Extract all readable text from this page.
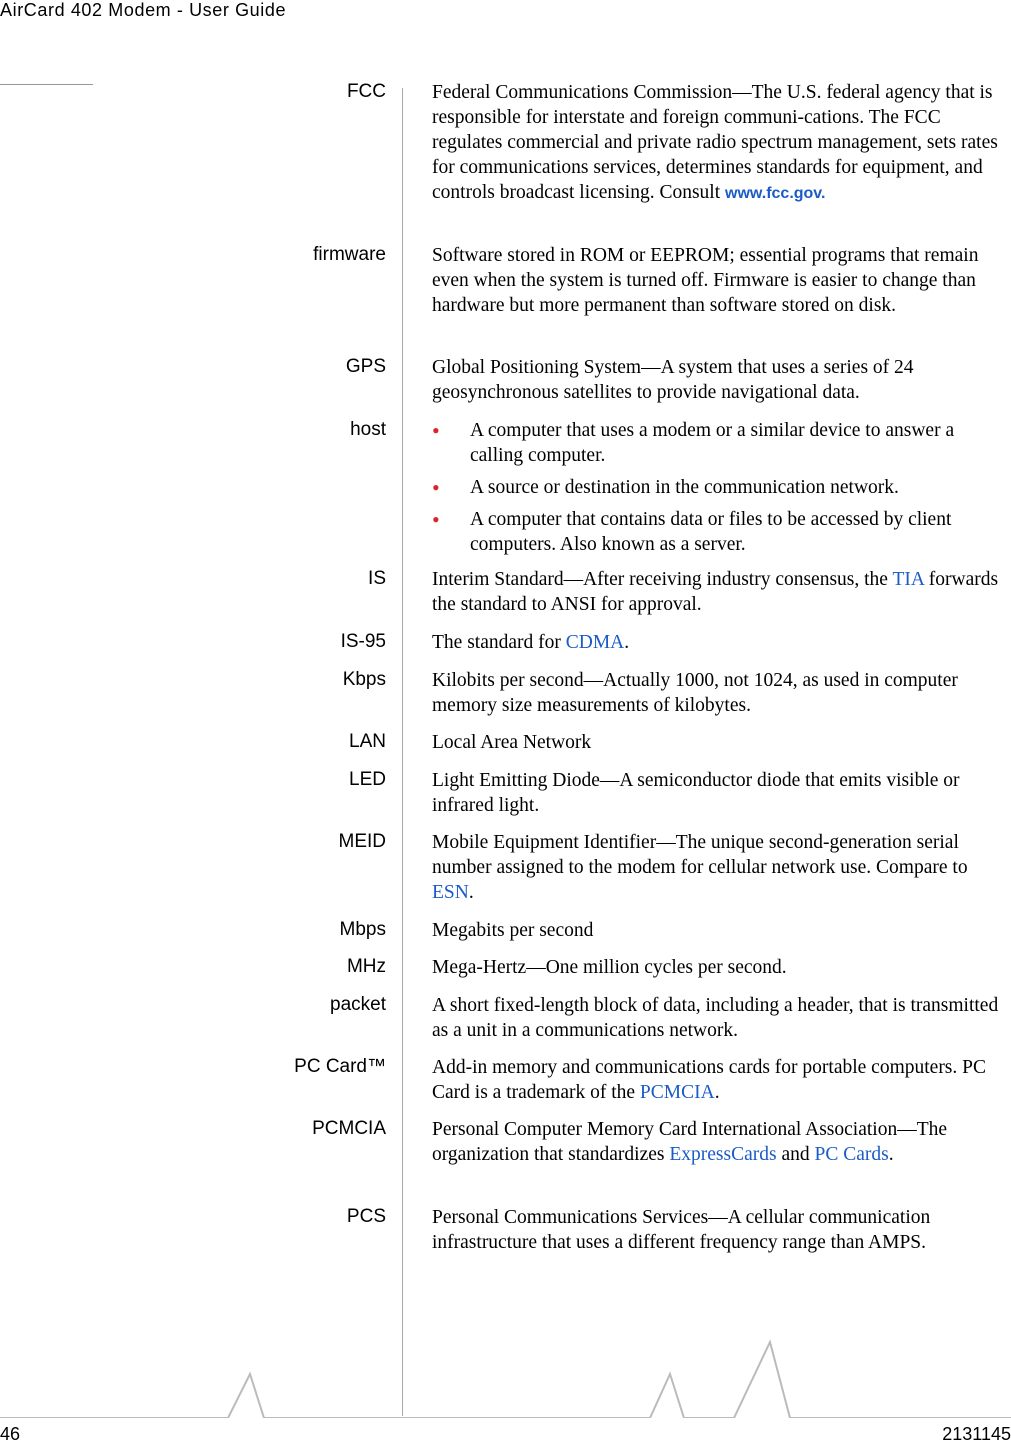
AirCard 402 Modem - User Guide
FCC Federal Communications Commission—The U.S. federal agency that is responsible for interstate and foreign communi-cations. The FCC regulates commercial and private radio spectrum management, sets rates for communications services, determines standards for equipment, and controls broadcast licensing. Consult www.fcc.gov.

firmware Software stored in ROM or EEPROM; essential programs that remain even when the system is turned off. Firmware is easier to change than hardware but more permanent than software stored on disk.

GPS Global Positioning System—A system that uses a series of 24 geosynchronous satellites to provide navigational data.

host • A computer that uses a modem or a similar device to answer a calling computer.
• A source or destination in the communication network.
• A computer that contains data or files to be accessed by client computers. Also known as a server.
IS Interim Standard—After receiving industry consensus, the TIA forwards the standard to ANSI for approval.

IS-95 The standard for CDMA.

Kbps Kilobits per second—Actually 1000, not 1024, as used in computer memory size measurements of kilobytes.

LAN Local Area Network

LED Light Emitting Diode—A semiconductor diode that emits visible or infrared light.

MEID Mobile Equipment Identifier—The unique second-generation serial number assigned to the modem for cellular network use. Compare to ESN.

Mbps Megabits per second

MHz Mega-Hertz—One million cycles per second.

packet A short fixed-length block of data, including a header, that is transmitted as a unit in a communications network.

PC Card™ Add-in memory and communications cards for portable computers. PC Card is a trademark of the PCMCIA.

PCMCIA Personal Computer Memory Card International Association—The organization that standardizes ExpressCards and PC Cards.

PCS Personal Communications Services—A cellular communication infrastructure that uses a different frequency range than AMPS.

46	2131145
